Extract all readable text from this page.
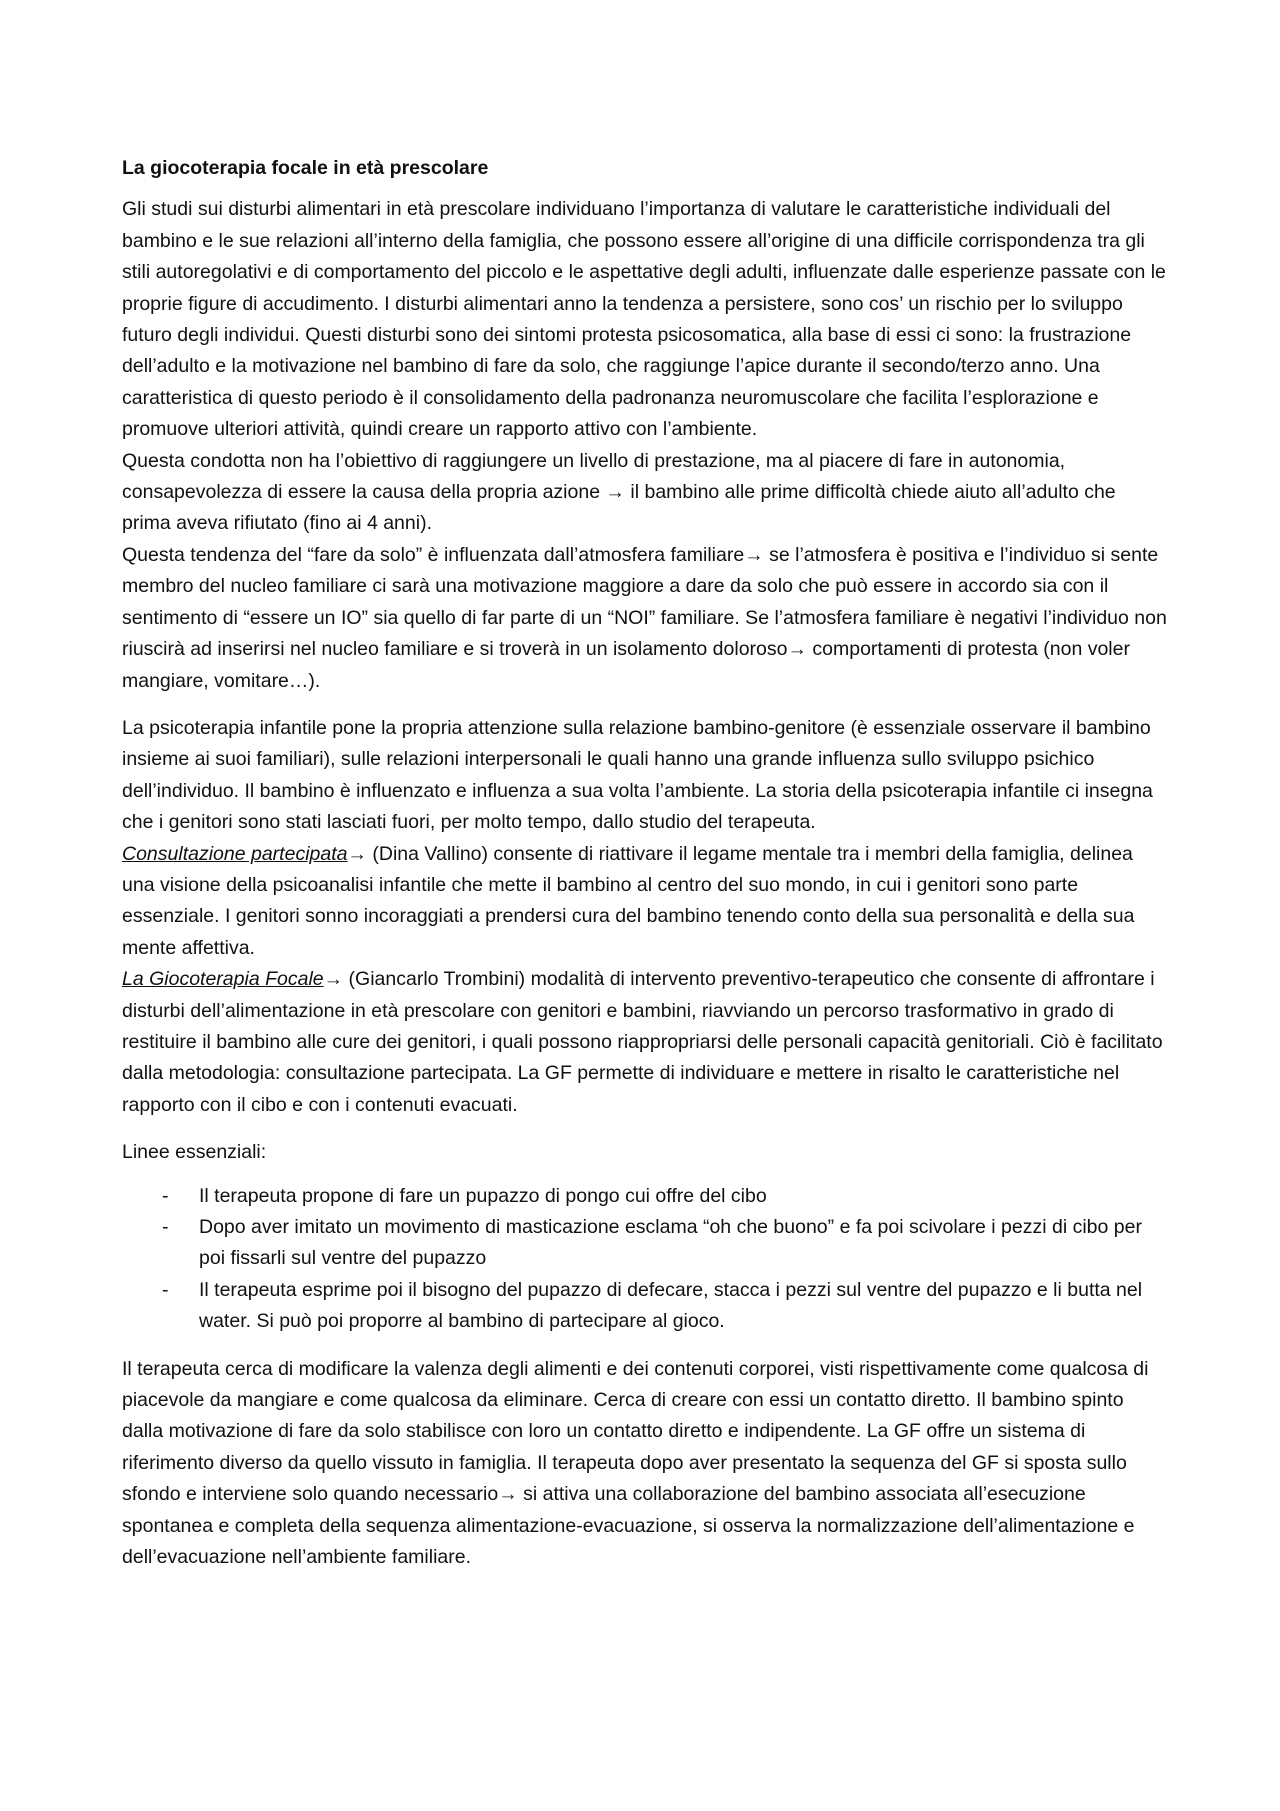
La giocoterapia focale in età prescolare

Gli studi sui disturbi alimentari in età prescolare individuano l’importanza di valutare le caratteristiche individuali del bambino e le sue relazioni all’interno della famiglia, che possono essere all’origine di una difficile corrispondenza tra gli stili autoregolativi e di comportamento del piccolo e le aspettative degli adulti, influenzate dalle esperienze passate con le proprie figure di accudimento. I disturbi alimentari anno la tendenza a persistere, sono cos’ un rischio per lo sviluppo futuro degli individui. Questi disturbi sono dei sintomi protesta psicosomatica, alla base di essi ci sono: la frustrazione dell’adulto e la motivazione nel bambino di fare da solo, che raggiunge l’apice durante il secondo/terzo anno. Una caratteristica di questo periodo è il consolidamento della padronanza neuromuscolare che facilita l’esplorazione e promuove ulteriori attività, quindi creare un rapporto attivo con l’ambiente.

Questa condotta non ha l’obiettivo di raggiungere un livello di prestazione, ma al piacere di fare in autonomia, consapevolezza di essere la causa della propria azione → il bambino alle prime difficoltà chiede aiuto all’adulto che prima aveva rifiutato (fino ai 4 anni).

Questa tendenza del “fare da solo” è influenzata dall’atmosfera familiare→ se l’atmosfera è positiva e l’individuo si sente membro del nucleo familiare ci sarà una motivazione maggiore a dare da solo che può essere in accordo sia con il sentimento di “essere un IO” sia quello di far parte di un “NOI” familiare. Se l’atmosfera familiare è negativi l’individuo non riuscirà ad inserirsi nel nucleo familiare e si troverà in un isolamento doloroso→ comportamenti di protesta (non voler mangiare, vomitare…).

La psicoterapia infantile pone la propria attenzione sulla relazione bambino-genitore (è essenziale osservare il bambino insieme ai suoi familiari), sulle relazioni interpersonali le quali hanno una grande influenza sullo sviluppo psichico dell’individuo. Il bambino è influenzato e influenza a sua volta l’ambiente. La storia della psicoterapia infantile ci insegna che i genitori sono stati lasciati fuori, per molto tempo, dallo studio del terapeuta.

Consultazione partecipata→ (Dina Vallino) consente di riattivare il legame mentale tra i membri della famiglia, delinea una visione della psicoanalisi infantile che mette il bambino al centro del suo mondo, in cui i genitori sono parte essenziale. I genitori sonno incoraggiati a prendersi cura del bambino tenendo conto della sua personalità e della sua mente affettiva.

La Giocoterapia Focale→ (Giancarlo Trombini) modalità di intervento preventivo-terapeutico che consente di affrontare i disturbi dell’alimentazione in età prescolare con genitori e bambini, riavviando un percorso trasformativo in grado di restituire il bambino alle cure dei genitori, i quali possono riappropriarsi delle personali capacità genitoriali. Ciò è facilitato dalla metodologia: consultazione partecipata. La GF permette di individuare e mettere in risalto le caratteristiche nel rapporto con il cibo e con i contenuti evacuati.

Linee essenziali:

- Il terapeuta propone di fare un pupazzo di pongo cui offre del cibo
- Dopo aver imitato un movimento di masticazione esclama “oh che buono” e fa poi scivolare i pezzi di cibo per poi fissarli sul ventre del pupazzo
- Il terapeuta esprime poi il bisogno del pupazzo di defecare, stacca i pezzi sul ventre del pupazzo e li butta nel water. Si può poi proporre al bambino di partecipare al gioco.

Il terapeuta cerca di modificare la valenza degli alimenti e dei contenuti corporei, visti rispettivamente come qualcosa di piacevole da mangiare e come qualcosa da eliminare. Cerca di creare con essi un contatto diretto. Il bambino spinto dalla motivazione di fare da solo stabilisce con loro un contatto diretto e indipendente. La GF offre un sistema di riferimento diverso da quello vissuto in famiglia. Il terapeuta dopo aver presentato la sequenza del GF si sposta sullo sfondo e interviene solo quando necessario→ si attiva una collaborazione del bambino associata all’esecuzione spontanea e completa della sequenza alimentazione-evacuazione, si osserva la normalizzazione dell’alimentazione e dell’evacuazione nell’ambiente familiare.
